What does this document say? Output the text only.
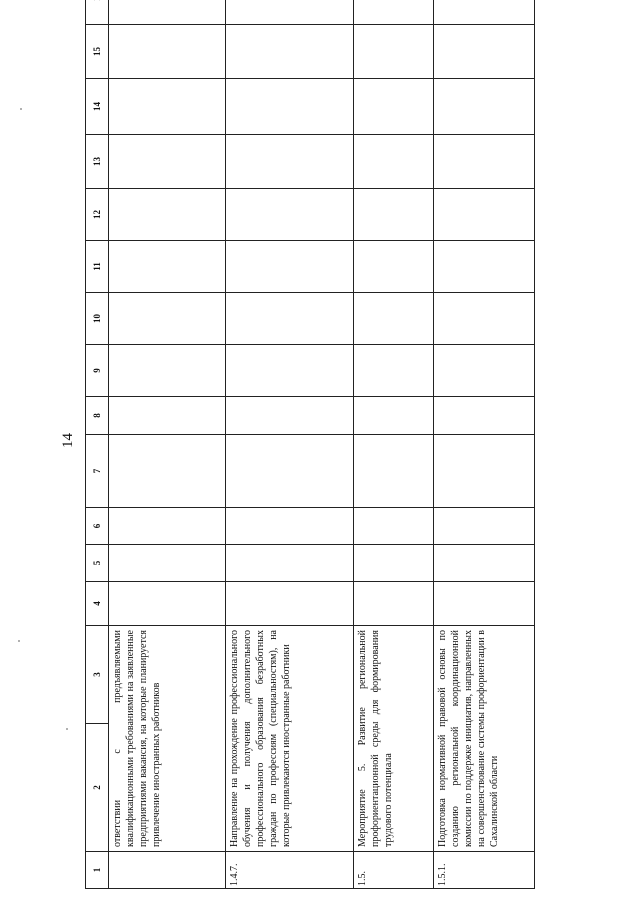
14
1	2	3	4	5	6	7	8	9	10	11	12	13	14	15	
	ответствии с предъявляемыми квалификационными требованиями на заявленные предприятиями вакансия, на которые планируется привлечение иностранных работников														
1.4.7.	Направление на прохождение профессионального обучения и получения дополнительного профессионального образования безработных граждан по профессиям (специальностям), на которые привлекаются иностранные работники														
1.5.	Мероприятие 5. Развитие региональной профориентационной среды для формирования трудового потенциала														
1.5.1.	Подготовка нормативной правовой основы по созданию региональной координационной комиссии по поддержке инициатив, направленных на совершенствование системы профориентации в Сахалинской области														
